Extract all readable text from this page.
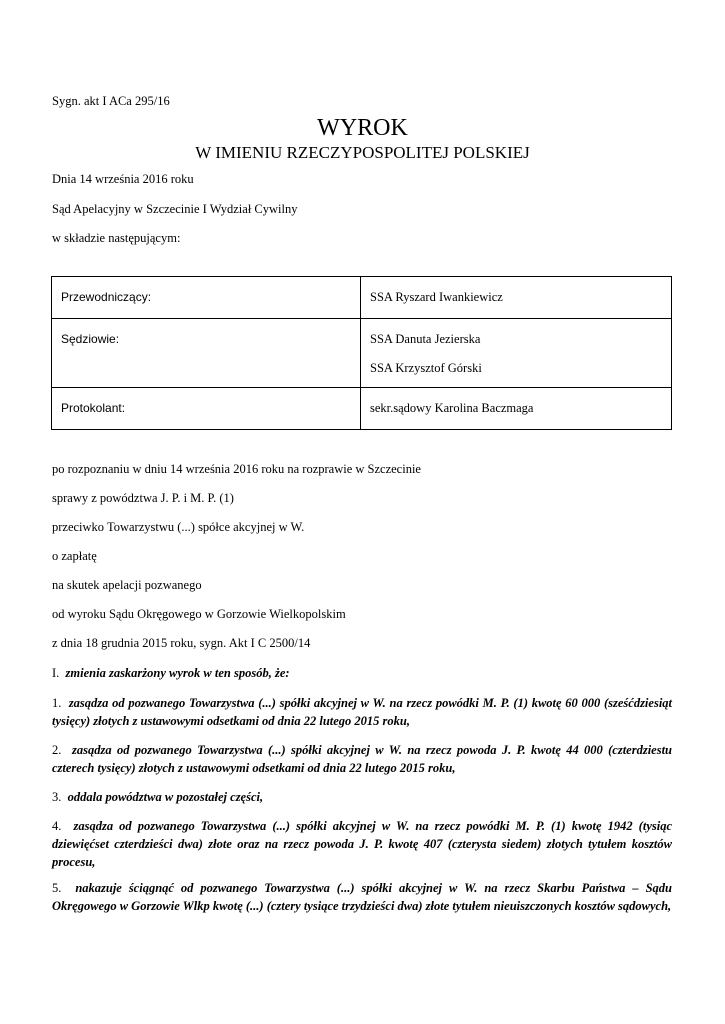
Sygn. akt I ACa 295/16
WYROK
W IMIENIU RZECZYPOSPOLITEJ POLSKIEJ
Dnia 14 września 2016 roku
Sąd Apelacyjny w Szczecinie I Wydział Cywilny
w składzie następującym:
Przewodniczący:	SSA Ryszard Iwankiewicz

Sędziowie:	SSA Danuta Jezierska
SSA Krzysztof Górski

Protokolant:	sekr.sądowy Karolina Baczmaga
po rozpoznaniu w dniu 14 września 2016 roku na rozprawie w Szczecinie
sprawy z powództwa J. P. i M. P. (1)
przeciwko Towarzystwu (...) spółce akcyjnej w W.
o zapłatę
na skutek apelacji pozwanego
od wyroku Sądu Okręgowego w Gorzowie Wielkopolskim
z dnia 18 grudnia 2015 roku, sygn. Akt I C 2500/14
I. zmienia zaskarżony wyrok w ten sposób, że:
1. zasądza od pozwanego Towarzystwa (...) spółki akcyjnej w W. na rzecz powódki M. P. (1) kwotę 60 000 (sześćdziesiąt tysięcy) złotych z ustawowymi odsetkami od dnia 22 lutego 2015 roku,
2. zasądza od pozwanego Towarzystwa (...) spółki akcyjnej w W. na rzecz powoda J. P. kwotę 44 000 (czterdziestu czterech tysięcy) złotych z ustawowymi odsetkami od dnia 22 lutego 2015 roku,
3. oddala powództwa w pozostałej części,
4. zasądza od pozwanego Towarzystwa (...) spółki akcyjnej w W. na rzecz powódki M. P. (1) kwotę 1942 (tysiąc dziewięćset czterdzieści dwa) złote oraz na rzecz powoda J. P. kwotę 407 (czterysta siedem) złotych tytułem kosztów procesu,
5. nakazuje ściągnąć od pozwanego Towarzystwa (...) spółki akcyjnej w W. na rzecz Skarbu Państwa – Sądu Okręgowego w Gorzowie Wlkp kwotę (...) (cztery tysiące trzydzieści dwa) złote tytułem nieuiszczonych kosztów sądowych,
